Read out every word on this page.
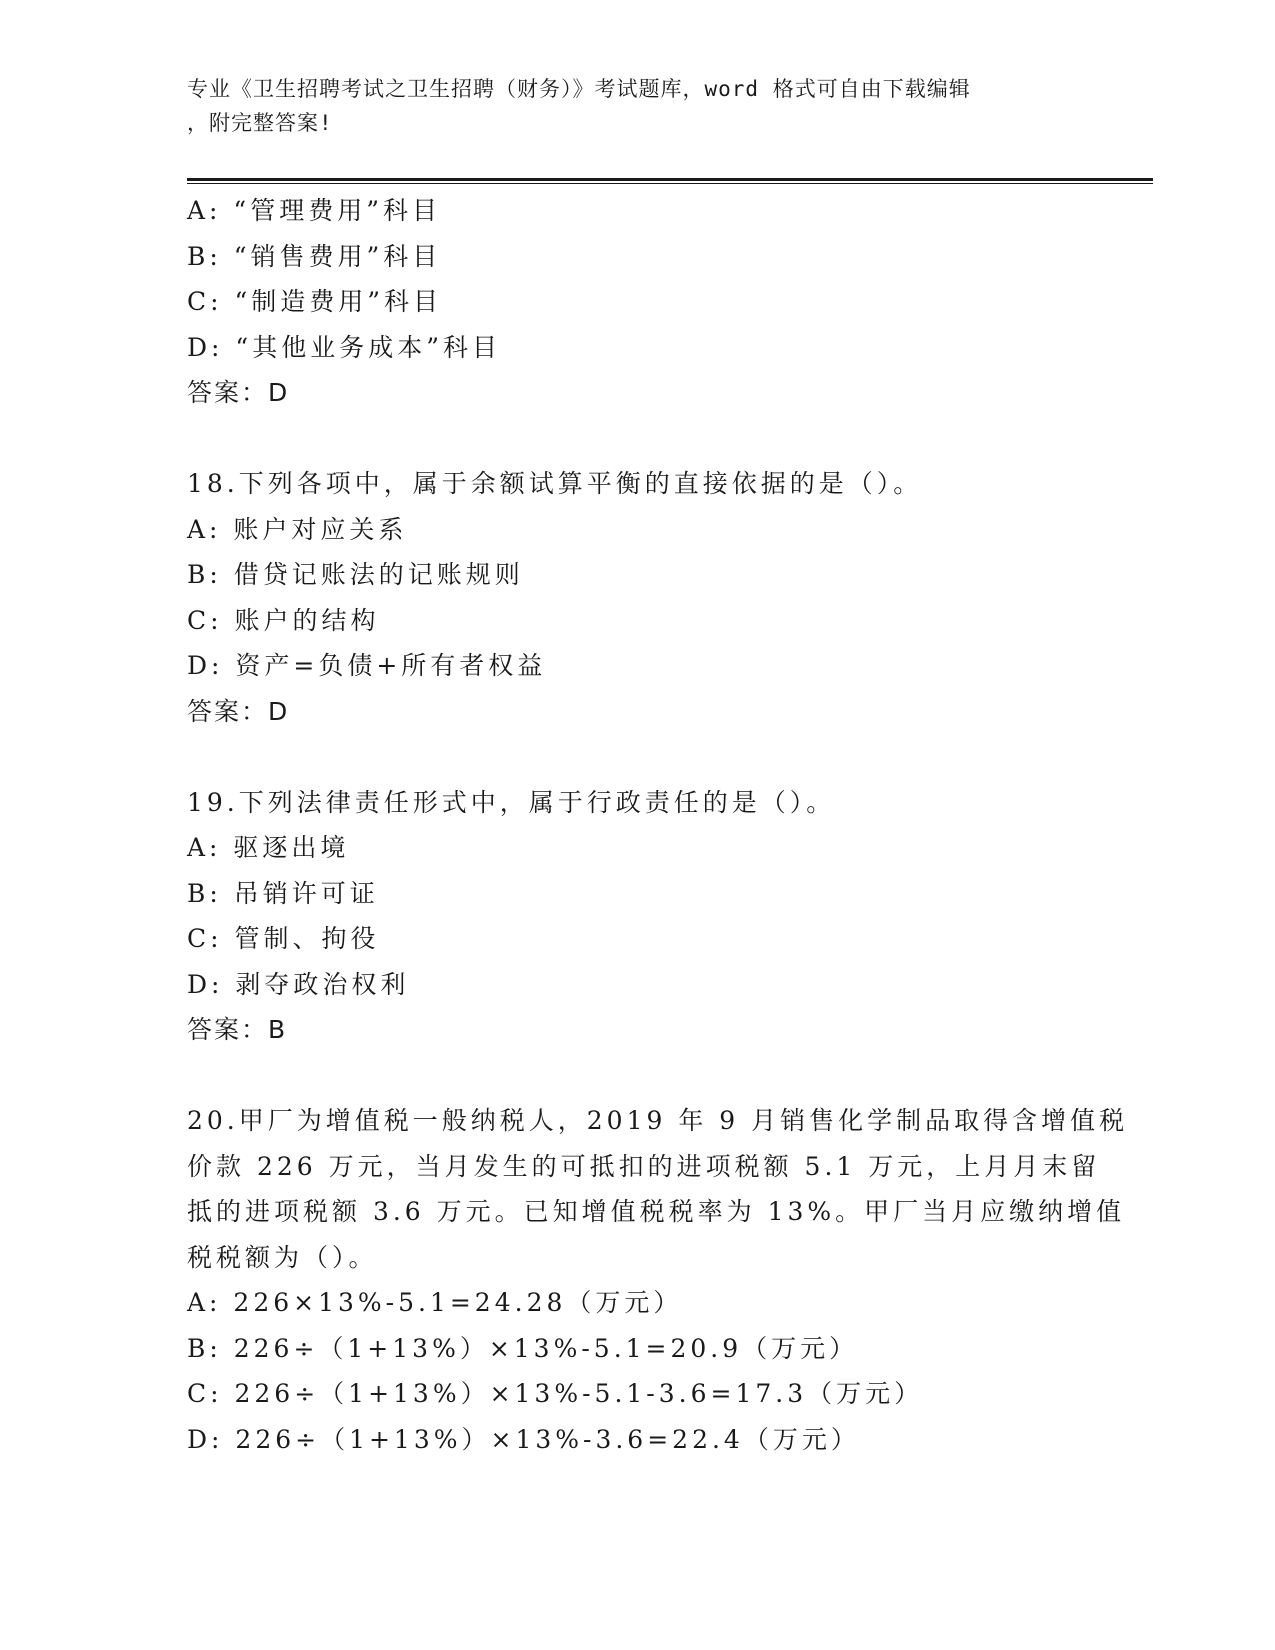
专业《卫生招聘考试之卫生招聘（财务）》考试题库，word 格式可自由下载编辑
，附完整答案!
A: “管理费用”科目
B: “销售费用”科目
C: “制造费用”科目
D: “其他业务成本”科目
答案：D
18.下列各项中，属于余额试算平衡的直接依据的是（）。
A: 账户对应关系
B: 借贷记账法的记账规则
C: 账户的结构
D: 资产=负债+所有者权益
答案：D
19.下列法律责任形式中，属于行政责任的是（）。
A: 驱逐出境
B: 吊销许可证
C: 管制、拘役
D: 剥夺政治权利
答案：B
20.甲厂为增值税一般纳税人，2019 年 9 月销售化学制品取得含增值税
价款 226 万元，当月发生的可抵扣的进项税额 5.1 万元，上月月末留
抵的进项税额 3.6 万元。已知增值税税率为 13%。甲厂当月应缴纳增值
税税额为（）。
A: 226×13%-5.1=24.28（万元）
B: 226÷（1+13%）×13%-5.1=20.9（万元）
C: 226÷（1+13%）×13%-5.1-3.6=17.3（万元）
D: 226÷（1+13%）×13%-3.6=22.4（万元）
